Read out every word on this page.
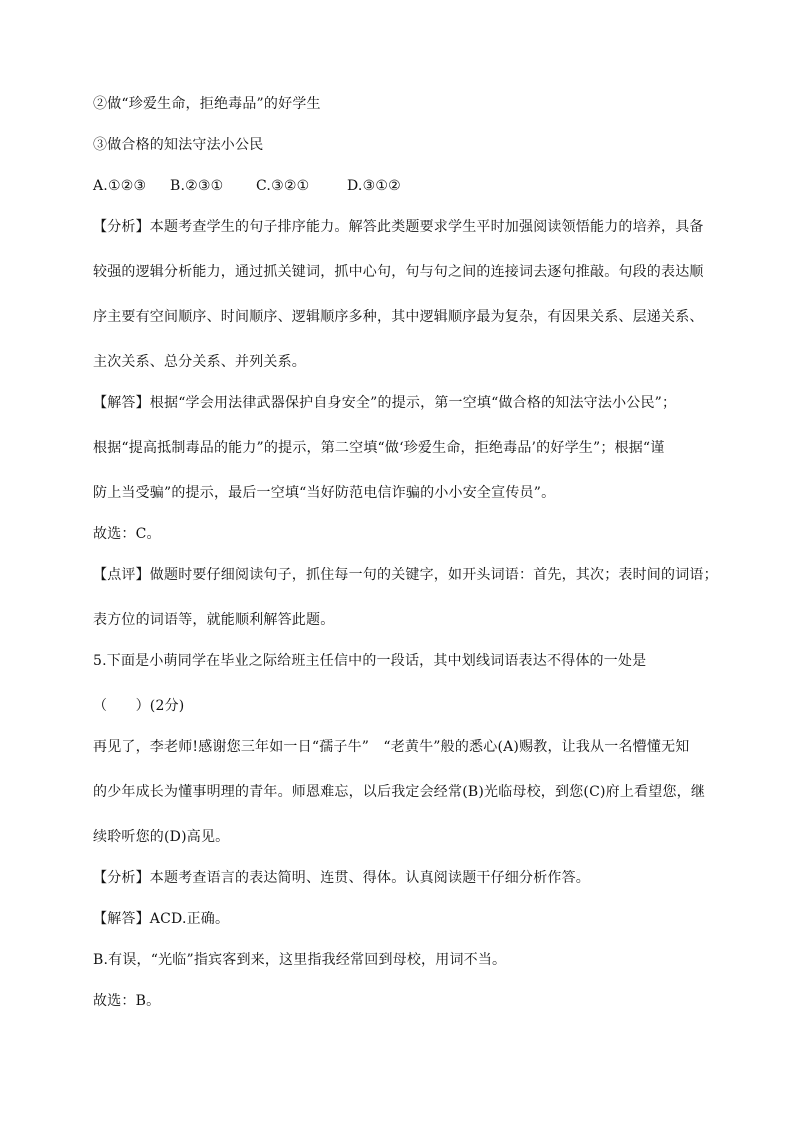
②做“珍爱生命，拒绝毒品”的好学生

③做合格的知法守法小公民

A.①②③ B.②③① C.③②①	D.③①②

【分析】本题考查学生的句子排序能力。解答此类题要求学生平时加强阅读领悟能力的培养，具备

较强的逻辑分析能力，通过抓关键词，抓中心句，句与句之间的连接词去逐句推敲。句段的表达顺

序主要有空间顺序、时间顺序、逻辑顺序多种，其中逻辑顺序最为复杂，有因果关系、层递关系、

主次关系、总分关系、并列关系。

【解答】根据“学会用法律武器保护自身安全”的提示，第一空填“做合格的知法守法小公民”；

根据“提高抵制毒品的能力”的提示，第二空填“做‘珍爱生命，拒绝毒品’的好学生”；根据“谨

防上当受骗”的提示，最后一空填“当好防范电信诈骗的小小安全宣传员”。

故选：C。

【点评】做题时要仔细阅读句子，抓住每一句的关键字，如开头词语：首先，其次；表时间的词语；

表方位的词语等，就能顺利解答此题。

5.下面是小萌同学在毕业之际给班主任信中的一段话，其中划线词语表达不得体的一处是

（　　）(2分)

再见了，李老师!感谢您三年如一日“孺子牛”　“老黄牛”般的悉心(A)赐教，让我从一名懵懂无知

的少年成长为懂事明理的青年。师恩难忘，以后我定会经常(B)光临母校，到您(C)府上看望您，继

续聆听您的(D)高见。

【分析】本题考查语言的表达简明、连贯、得体。认真阅读题干仔细分析作答。

【解答】ACD.正确。

B.有误，“光临”指宾客到来，这里指我经常回到母校，用词不当。

故选：B。
